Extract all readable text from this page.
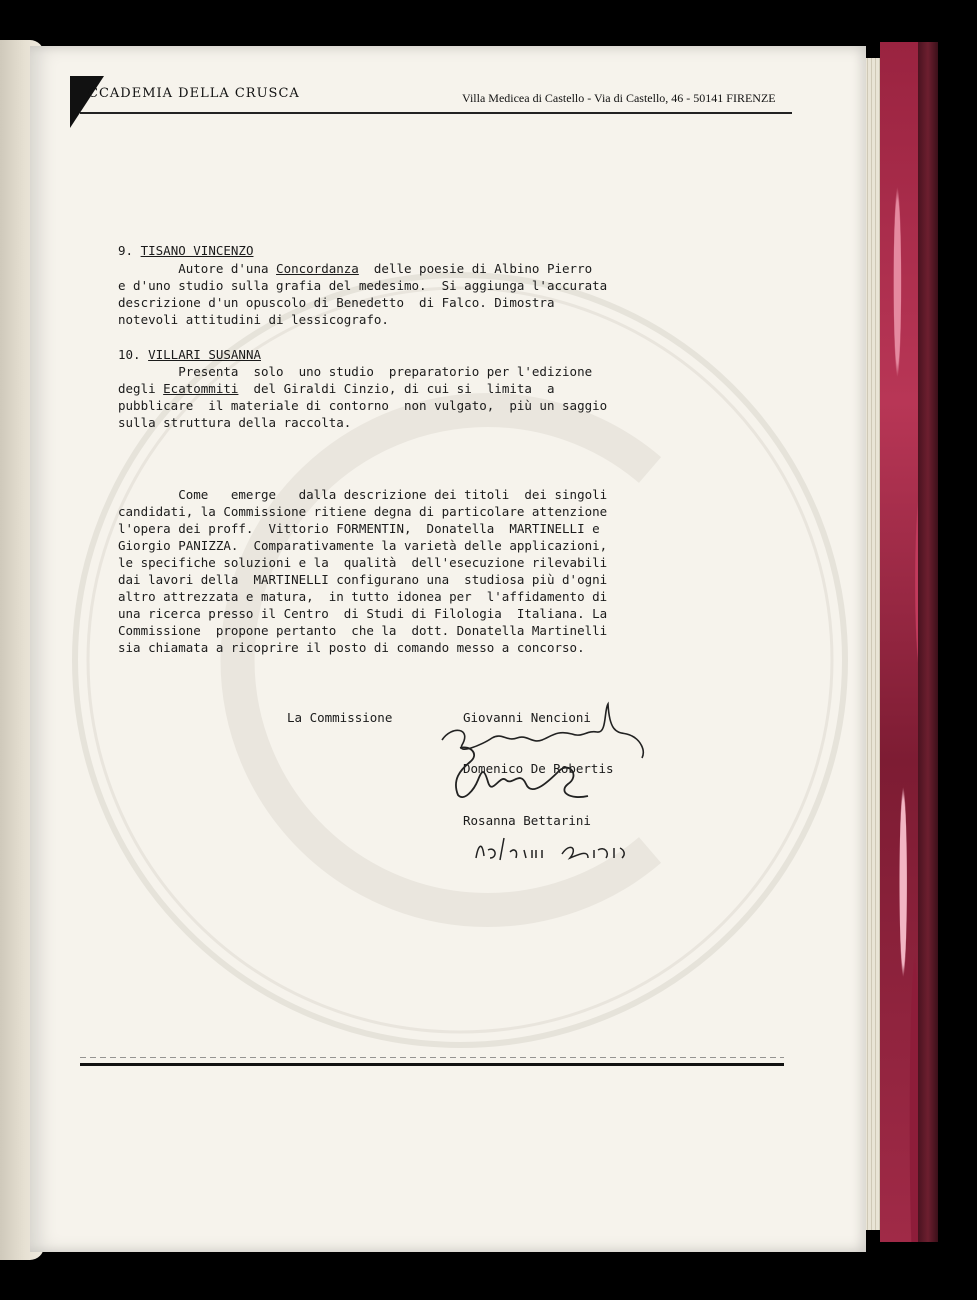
CCADEMIA DELLA CRUSCA	Villa Medicea di Castello - Via di Castello, 46 - 50141 FIRENZE
9. TISANO VINCENZO
Autore d'una Concordanza  delle poesie di Albino Pierro
e d'uno studio sulla grafia del medesimo.  Si aggiunga l'accurata
descrizione d'un opuscolo di Benedetto  di Falco. Dimostra
notevoli attitudini di lessicografo.
10. VILLARI SUSANNA
Presenta  solo  uno studio  preparatorio per l'edizione
degli Ecatommiti  del Giraldi Cinzio, di cui si  limita  a
pubblicare  il materiale di contorno  non vulgato,  più un saggio
sulla struttura della raccolta.
Come   emerge   dalla descrizione dei titoli  dei singoli
candidati, la Commissione ritiene degna di particolare attenzione
l'opera dei proff.  Vittorio FORMENTIN,  Donatella  MARTINELLI e
Giorgio PANIZZA.  Comparativamente la varietà delle applicazioni,
le specifiche soluzioni e la  qualità  dell'esecuzione rilevabili
dai lavori della  MARTINELLI configurano una  studiosa più d'ogni
altro attrezzata e matura,  in tutto idonea per  l'affidamento di
una ricerca presso il Centro  di Studi di Filologia  Italiana. La
Commissione  propone pertanto  che la  dott. Donatella Martinelli
sia chiamata a ricoprire il posto di comando messo a concorso.
La Commissione	Giovanni Nencioni
Domenico De Robertis
Rosanna Bettarini
